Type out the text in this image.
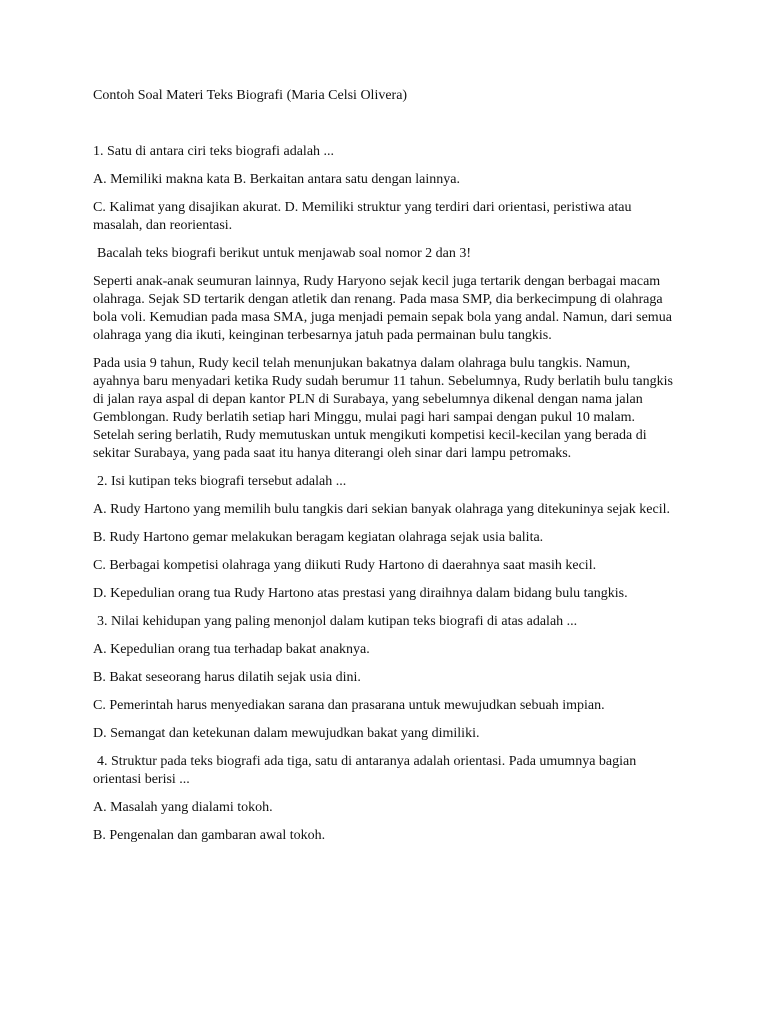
Contoh Soal Materi Teks Biografi (Maria Celsi Olivera)

1. Satu di antara ciri teks biografi adalah ...

A. Memiliki makna kata B. Berkaitan antara satu dengan lainnya.

C. Kalimat yang disajikan akurat. D. Memiliki struktur yang terdiri dari orientasi, peristiwa atau masalah, dan reorientasi.

Bacalah teks biografi berikut untuk menjawab soal nomor 2 dan 3!

Seperti anak-anak seumuran lainnya, Rudy Haryono sejak kecil juga tertarik dengan berbagai macam olahraga. Sejak SD tertarik dengan atletik dan renang. Pada masa SMP, dia berkecimpung di olahraga bola voli. Kemudian pada masa SMA, juga menjadi pemain sepak bola yang andal. Namun, dari semua olahraga yang dia ikuti, keinginan terbesarnya jatuh pada permainan bulu tangkis.

Pada usia 9 tahun, Rudy kecil telah menunjukan bakatnya dalam olahraga bulu tangkis. Namun, ayahnya baru menyadari ketika Rudy sudah berumur 11 tahun. Sebelumnya, Rudy berlatih bulu tangkis di jalan raya aspal di depan kantor PLN di Surabaya, yang sebelumnya dikenal dengan nama jalan Gemblongan. Rudy berlatih setiap hari Minggu, mulai pagi hari sampai dengan pukul 10 malam. Setelah sering berlatih, Rudy memutuskan untuk mengikuti kompetisi kecil-kecilan yang berada di sekitar Surabaya, yang pada saat itu hanya diterangi oleh sinar dari lampu petromaks.

2. Isi kutipan teks biografi tersebut adalah ...

A. Rudy Hartono yang memilih bulu tangkis dari sekian banyak olahraga yang ditekuninya sejak kecil.

B. Rudy Hartono gemar melakukan beragam kegiatan olahraga sejak usia balita.

C. Berbagai kompetisi olahraga yang diikuti Rudy Hartono di daerahnya saat masih kecil.

D. Kepedulian orang tua Rudy Hartono atas prestasi yang diraihnya dalam bidang bulu tangkis.

3. Nilai kehidupan yang paling menonjol dalam kutipan teks biografi di atas adalah ...

A. Kepedulian orang tua terhadap bakat anaknya.

B. Bakat seseorang harus dilatih sejak usia dini.

C. Pemerintah harus menyediakan sarana dan prasarana untuk mewujudkan sebuah impian.

D. Semangat dan ketekunan dalam mewujudkan bakat yang dimiliki.

4. Struktur pada teks biografi ada tiga, satu di antaranya adalah orientasi. Pada umumnya bagian orientasi berisi ...

A. Masalah yang dialami tokoh.

B. Pengenalan dan gambaran awal tokoh.
